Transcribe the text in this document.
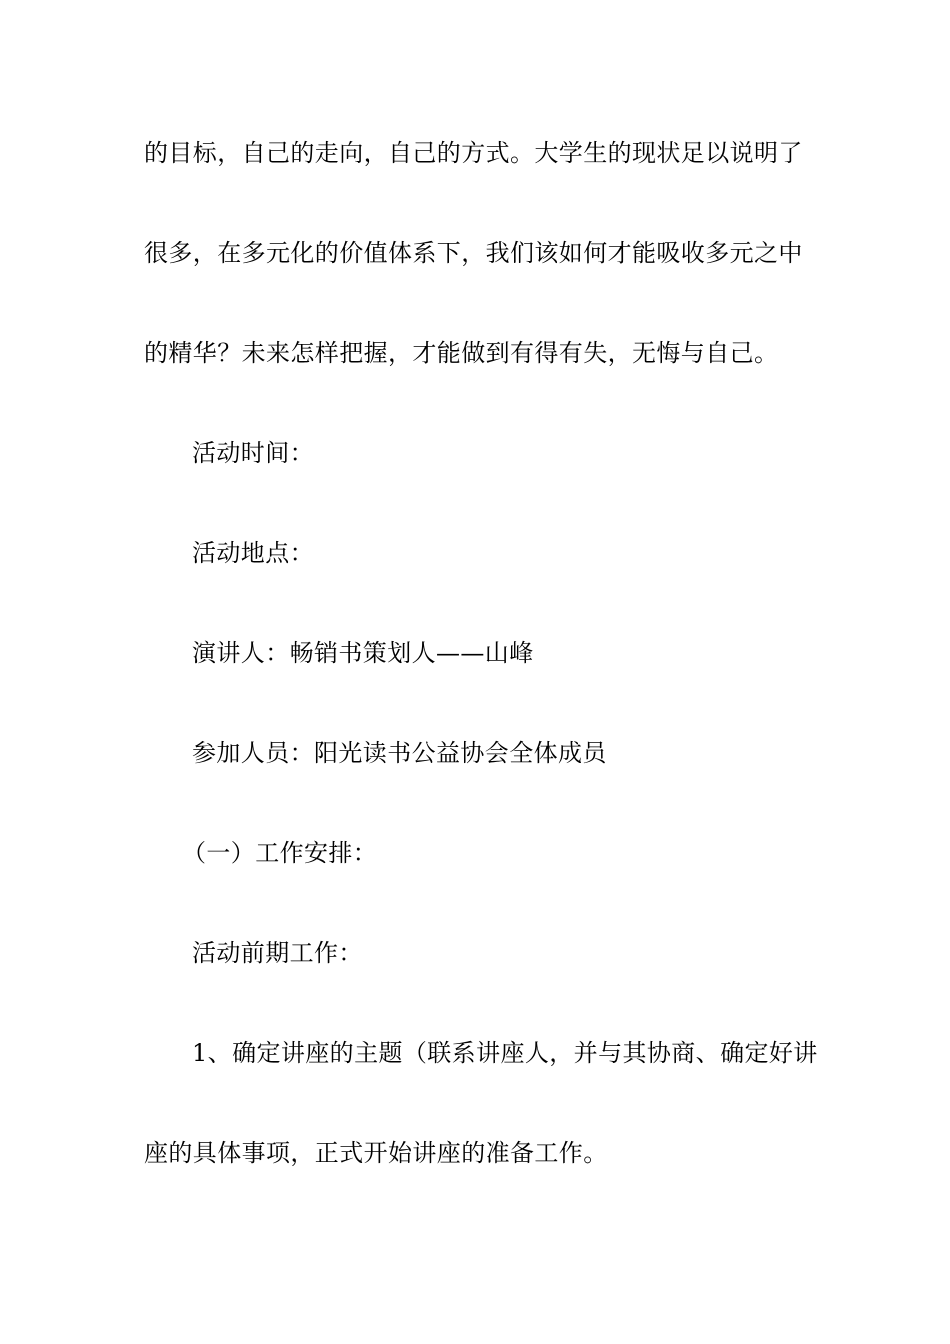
的目标，自己的走向，自己的方式。大学生的现状足以说明了
很多，在多元化的价值体系下，我们该如何才能吸收多元之中
的精华？未来怎样把握，才能做到有得有失，无悔与自己。
活动时间：
活动地点：
演讲人：畅销书策划人——山峰
参加人员：阳光读书公益协会全体成员
（一）工作安排：
活动前期工作：
1、确定讲座的主题（联系讲座人，并与其协商、确定好讲
座的具体事项，正式开始讲座的准备工作。
